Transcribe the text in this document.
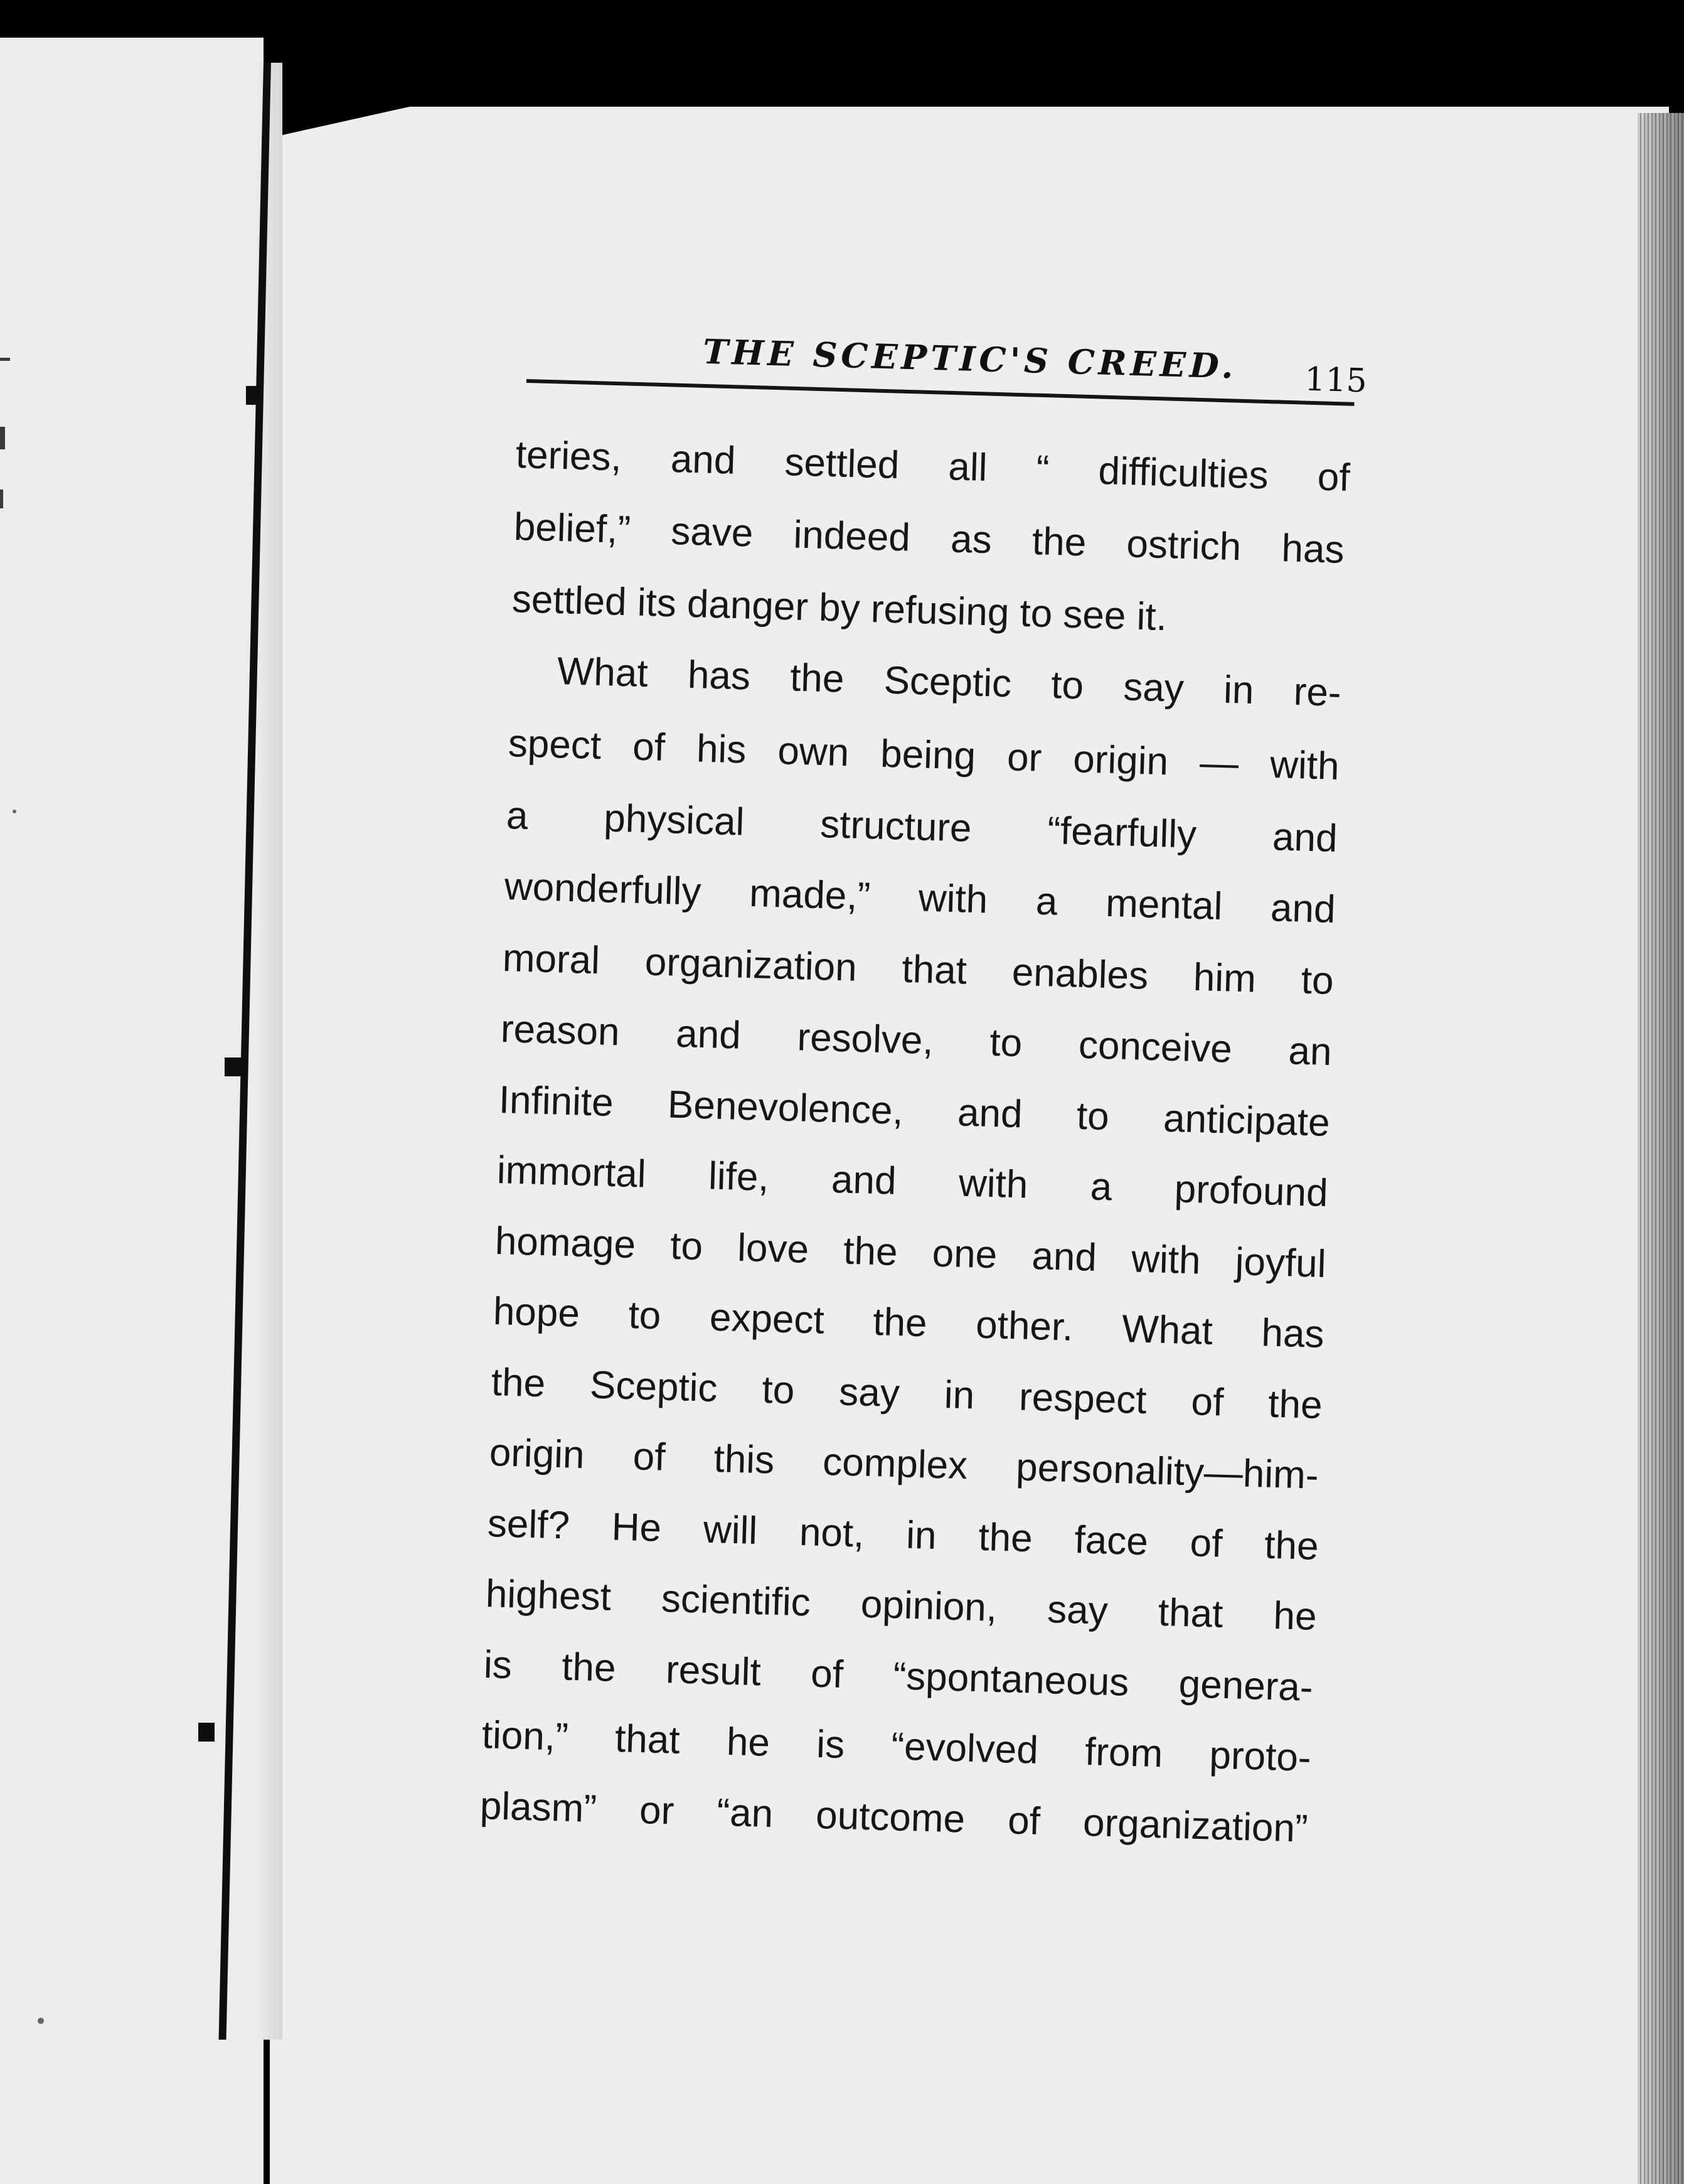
THE SCEPTIC'S CREED. 115
teries, and settled all “ difficulties of
belief,” save indeed as the ostrich has
settled its danger by refusing to see it.
What has the Sceptic to say in re-
spect of his own being or origin — with
a physical structure “fearfully and
wonderfully made,” with a mental and
moral organization that enables him to
reason and resolve, to conceive an
Infinite Benevolence, and to anticipate
immortal life, and with a profound
homage to love the one and with joyful
hope to expect the other. What has
the Sceptic to say in respect of the
origin of this complex personality—him-
self? He will not, in the face of the
highest scientific opinion, say that he
is the result of “spontaneous genera-
tion,” that he is “evolved from proto-
plasm” or “an outcome of organization”
